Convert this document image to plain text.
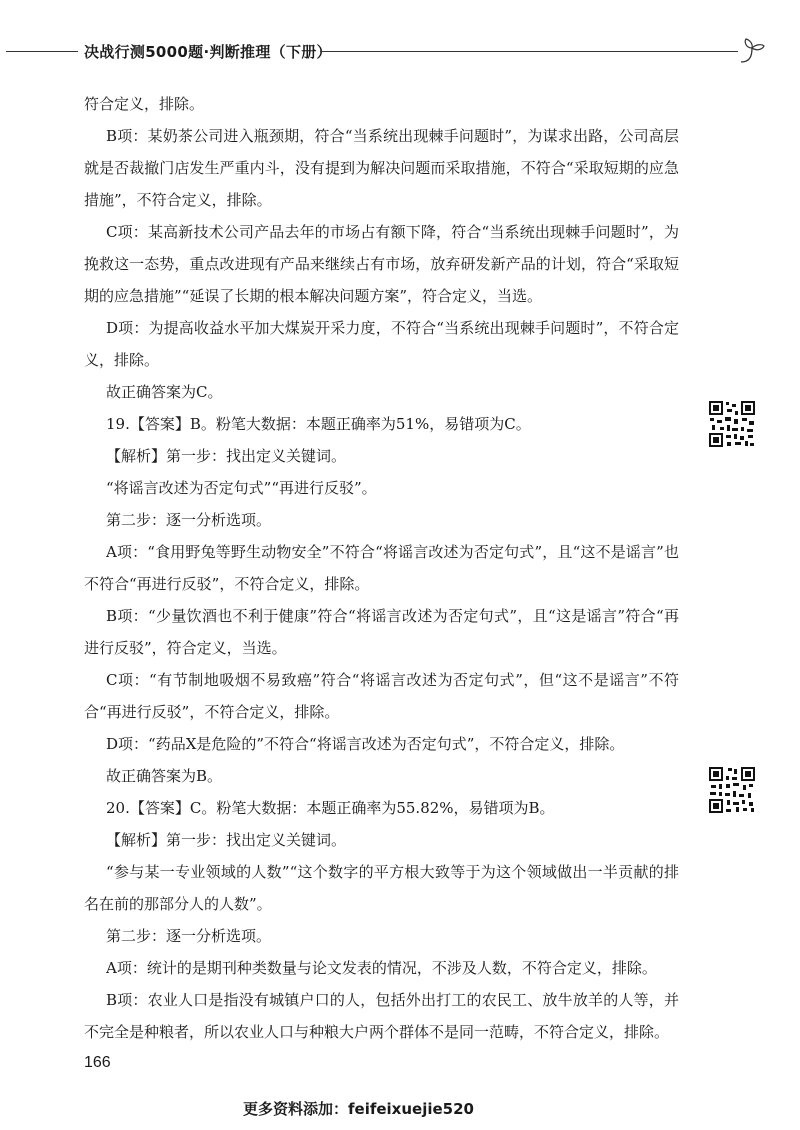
决战行测5000题·判断推理（下册）

符合定义，排除。

B项：某奶茶公司进入瓶颈期，符合“当系统出现棘手问题时”，为谋求出路，公司高层就是否裁撤门店发生严重内斗，没有提到为解决问题而采取措施，不符合“采取短期的应急措施”，不符合定义，排除。

C项：某高新技术公司产品去年的市场占有额下降，符合“当系统出现棘手问题时”，为挽救这一态势，重点改进现有产品来继续占有市场，放弃研发新产品的计划，符合“采取短期的应急措施”“延误了长期的根本解决问题方案”，符合定义，当选。

D项：为提高收益水平加大煤炭开采力度，不符合“当系统出现棘手问题时”，不符合定义，排除。

故正确答案为C。

19.【答案】B。粉笔大数据：本题正确率为51%，易错项为C。

【解析】第一步：找出定义关键词。

“将谣言改述为否定句式”“再进行反驳”。

第二步：逐一分析选项。

A项：“食用野兔等野生动物安全”不符合“将谣言改述为否定句式”，且“这不是谣言”也不符合“再进行反驳”，不符合定义，排除。

B项：“少量饮酒也不利于健康”符合“将谣言改述为否定句式”，且“这是谣言”符合“再进行反驳”，符合定义，当选。

C项：“有节制地吸烟不易致癌”符合“将谣言改述为否定句式”，但“这不是谣言”不符合“再进行反驳”，不符合定义，排除。

D项：“药品X是危险的”不符合“将谣言改述为否定句式”，不符合定义，排除。

故正确答案为B。

20.【答案】C。粉笔大数据：本题正确率为55.82%，易错项为B。

【解析】第一步：找出定义关键词。

“参与某一专业领域的人数”“这个数字的平方根大致等于为这个领域做出一半贡献的排名在前的那部分人的人数”。

第二步：逐一分析选项。

A项：统计的是期刊种类数量与论文发表的情况，不涉及人数，不符合定义，排除。

B项：农业人口是指没有城镇户口的人，包括外出打工的农民工、放牛放羊的人等，并不完全是种粮者，所以农业人口与种粮大户两个群体不是同一范畴，不符合定义，排除。

166
更多资料添加：feifeixuejie520
